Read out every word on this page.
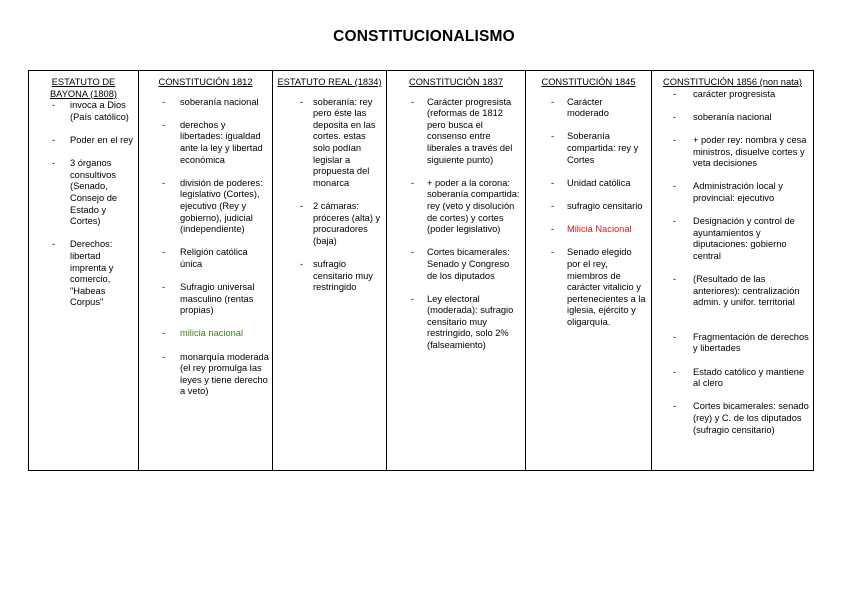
CONSTITUCIONALISMO
ESTATUTO DE BAYONA (1808)
- invoca a Dios (País católico)
- Poder en el rey
- 3 órganos consultivos (Senado, Consejo de Estado y Cortes)
- Derechos: libertad imprenta y comercio, "Habeas Corpus"

CONSTITUCIÓN 1812
- soberanía nacional
- derechos y libertades: igualdad ante la ley y libertad económica
- división de poderes: legislativo (Cortes), ejecutivo (Rey y gobierno), judicial (independiente)
- Religión católica única
- Sufragio universal masculino (rentas propias)
- milicia nacional
- monarquía moderada (el rey promulga las leyes y tiene derecho a veto)

ESTATUTO REAL (1834)
- soberanía: rey pero éste las deposita en las cortes. estas solo podían legislar a propuesta del monarca
- 2 cámaras: próceres (alta) y procuradores (baja)
- sufragio censitario muy restringido

CONSTITUCIÓN 1837
- Carácter progresista (reformas de 1812 pero busca el consenso entre liberales a través del siguiente punto)
- + poder a la corona: soberanía compartida: rey (veto y disolución de cortes) y cortes (poder legislativo)
- Cortes bicamerales: Senado y Congreso de los diputados
- Ley electoral (moderada): sufragio censitario muy restringido, solo 2% (falseamiento)

CONSTITUCIÓN 1845
- Carácter moderado
- Soberanía compartida: rey y Cortes
- Unidad católica
- sufragio censitario
- Milicia Nacional
- Senado elegido por el rey, miembros de carácter vitalicio y pertenecientes a la iglesia, ejército y oligarquía.

CONSTITUCIÓN 1856 (non nata)
- carácter progresista
- soberanía nacional
- + poder rey: nombra y cesa ministros, disuelve cortes y veta decisiones
- Administración local y provincial: ejecutivo
- Designación y control de ayuntamientos y diputaciones: gobierno central
- (Resultado de las anteriores): centralización admin. y unifor. territorial
- Fragmentación de derechos y libertades
- Estado católico y mantiene al clero
- Cortes bicamerales: senado (rey) y C. de los diputados (sufragio censitario)
